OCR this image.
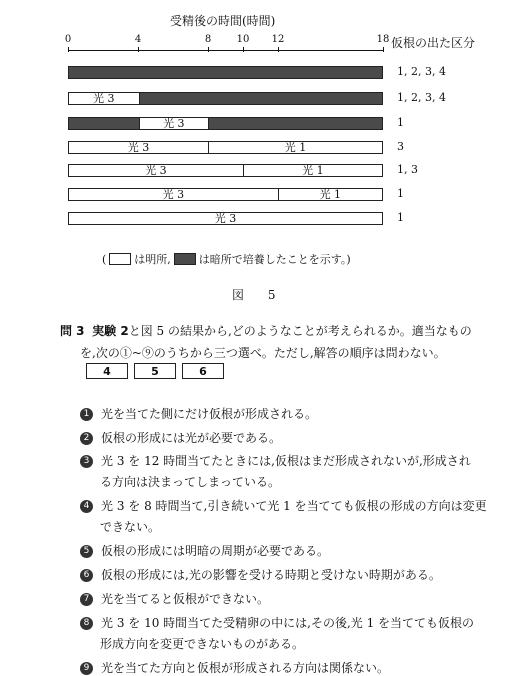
受精後の時間(時間)
0	4	8	10 12	18 仮根の出た区分
1, 2, 3, 4
光 3	1, 2, 3, 4
光 3	1
光 3	光 1	3
光 3	光 1	1, 3
光 3	光 1	1
光 3	1
(	は明所,	は暗所で培養したことを示す。)
図 5
問 3 実験 2と図 5 の結果から,どのようなことが考えられるか。適当なもの
を,次の①~⑨のうちから三つ選べ。ただし,解答の順序は問わない。
4	5	6
1 光を当てた側にだけ仮根が形成される。
2 仮根の形成には光が必要である。
3 光 3 を 12 時間当てたときには,仮根はまだ形成されないが,形成され
る方向は決まってしまっている。
4 光 3 を 8 時間当て,引き続いて光 1 を当てても仮根の形成の方向は変更
できない。
5 仮根の形成には明暗の周期が必要である。
6 仮根の形成には,光の影響を受ける時期と受けない時期がある。
7 光を当てると仮根ができない。
8 光 3 を 10 時間当てた受精卵の中には,その後,光 1 を当てても仮根の
形成方向を変更できないものがある。
9 光を当てた方向と仮根が形成される方向は関係ない。
